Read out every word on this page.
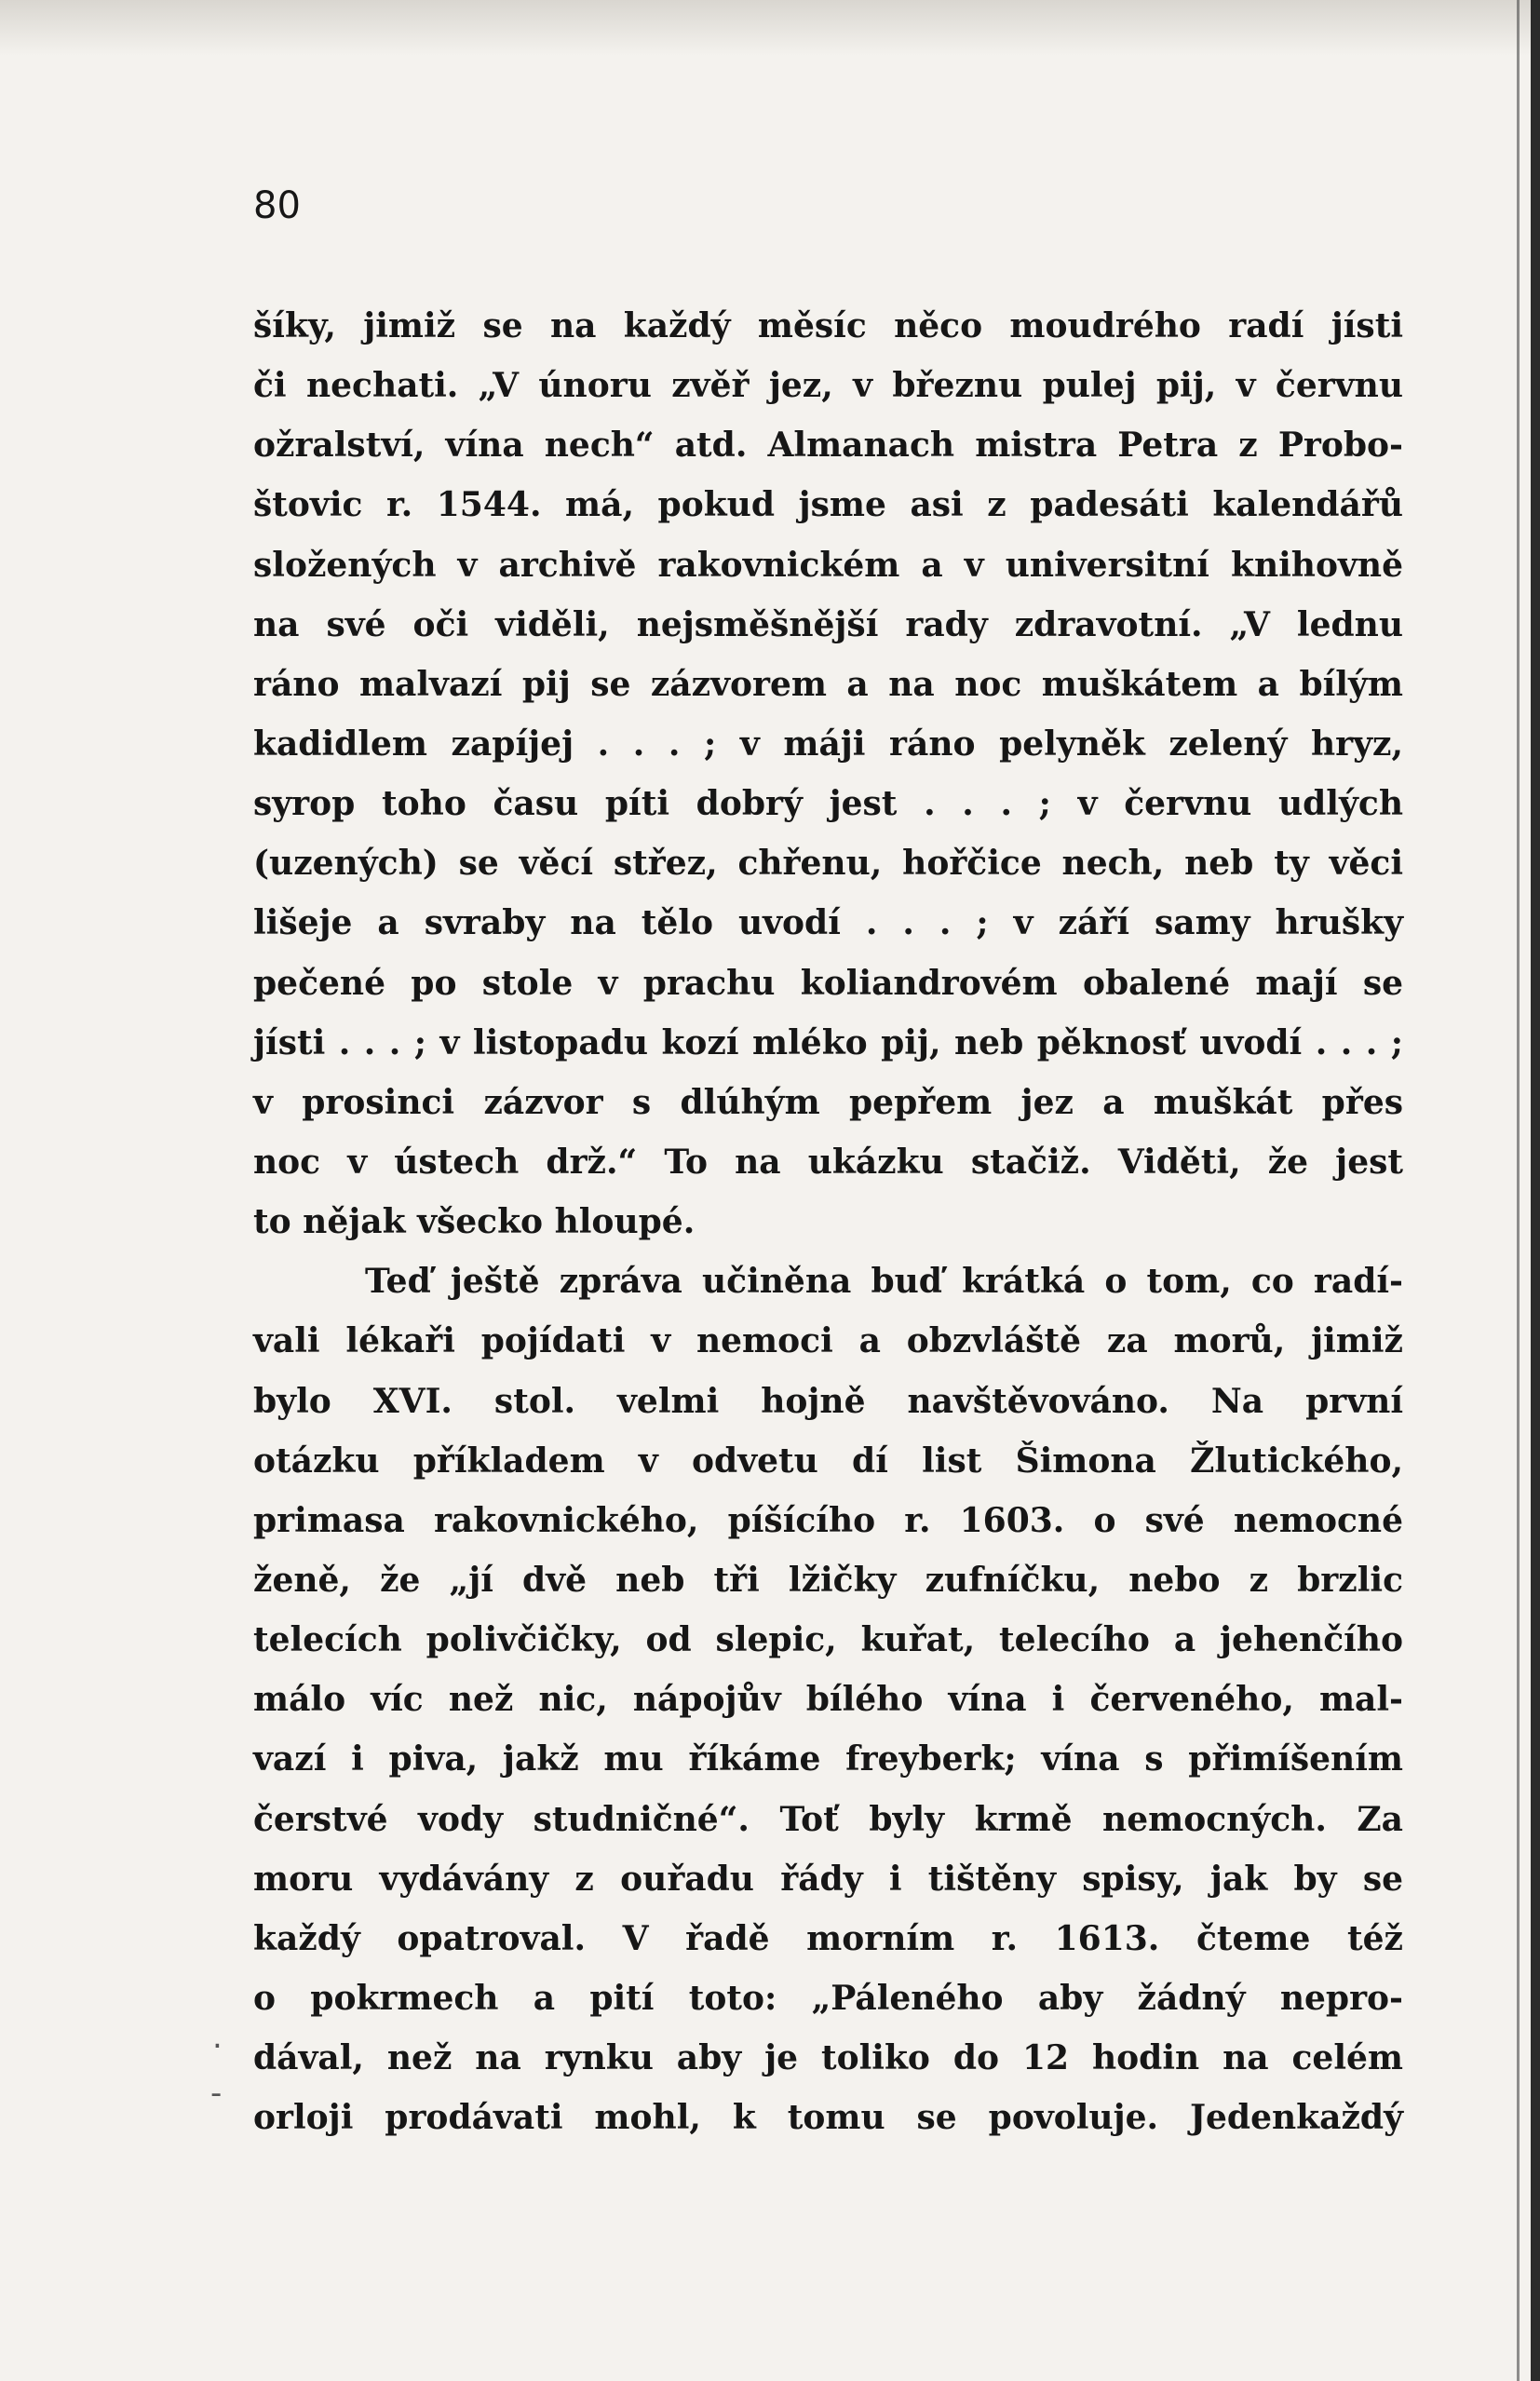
80

šíky, jimiž se na každý měsíc něco moudrého radí jísti
či nechati. „V únoru zvěř jez, v březnu pulej pij, v červnu
ožralství, vína nech“ atd. Almanach mistra Petra z Probo-
štovic r. 1544. má, pokud jsme asi z padesáti kalendářů
složených v archivě rakovnickém a v universitní knihovně
na své oči viděli, nejsměšnější rady zdravotní. „V lednu
ráno malvazí pij se zázvorem a na noc muškátem a bílým
kadidlem zapíjej . . . ; v máji ráno pelyněk zelený hryz,
syrop toho času píti dobrý jest . . . ; v červnu udlých
(uzených) se věcí střez, chřenu, hořčice nech, neb ty věci
lišeje a svraby na tělo uvodí . . . ; v září samy hrušky
pečené po stole v prachu koliandrovém obalené mají se
jísti . . . ; v listopadu kozí mléko pij, neb pěknosť uvodí . . . ;
v prosinci zázvor s dlúhým pepřem jez a muškát přes
noc v ústech drž.“ To na ukázku stačiž. Viděti, že jest
to nějak všecko hloupé.
Teď ještě zpráva učiněna buď krátká o tom, co radí-
vali lékaři pojídati v nemoci a obzvláště za morů, jimiž
bylo XVI. stol. velmi hojně navštěvováno. Na první
otázku příkladem v odvetu dí list Šimona Žlutického,
primasa rakovnického, píšícího r. 1603. o své nemocné
ženě, že „jí dvě neb tři lžičky zufníčku, nebo z brzlic
telecích polivčičky, od slepic, kuřat, telecího a jehenčího
málo víc než nic, nápojův bílého vína i červeného, mal-
vazí i piva, jakž mu říkáme freyberk; vína s přimíšením
čerstvé vody studničné“. Toť byly krmě nemocných. Za
moru vydávány z ouřadu řády i tištěny spisy, jak by se
každý opatroval. V řadě morním r. 1613. čteme též
o pokrmech a pití toto: „Páleného aby žádný nepro-
dával, než na rynku aby je toliko do 12 hodin na celém
orloji prodávati mohl, k tomu se povoluje. Jedenkaždý
.
-
